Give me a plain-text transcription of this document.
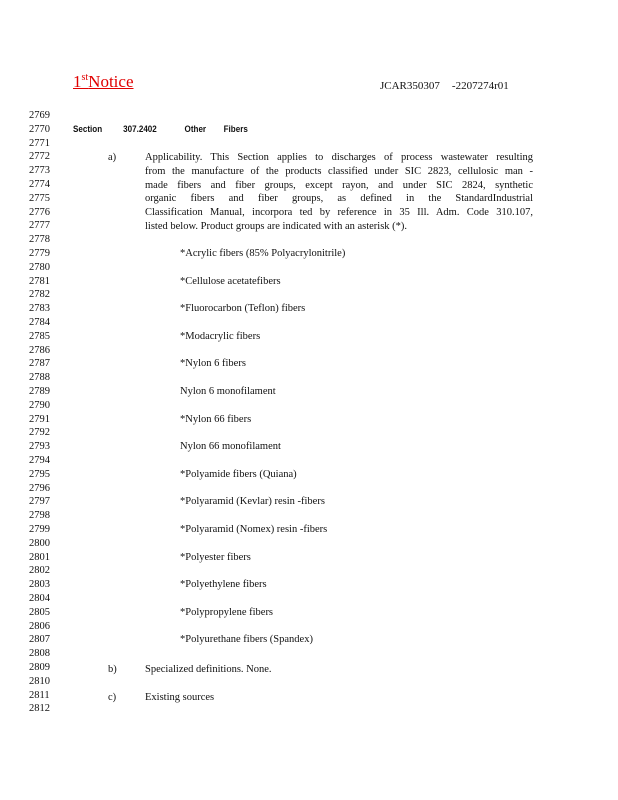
1stNotice	JCAR350307 -2207274r01
2769
2770
2771
2772
2773
2774
2775
2776
2777
2778
2779
2780
2781
2782
2783
2784
2785
2786
2787
2788
2789
2790
2791
2792
2793
2794
2795
2796
2797
2798
2799
2800
2801
2802
2803
2804
2805
2806
2807
2808
2809
2810
2811
2812
Section 307.2402	Other Fibers
a)	Applicability. This Section applies to discharges of process wastewater resulting
from the manufacture of the products classified under SIC 2823, cellulosic man -
made fibers and fiber groups, except rayon, and under SIC 2824, synthetic
organic fibers and fiber groups, as defined in the StandardIndustrial
Classification Manual, incorpora ted by reference in 35 Ill. Adm. Code 310.107,
listed below. Product groups are indicated with an asterisk (*).
*Acrylic fibers (85% Polyacrylonitrile)
*Cellulose acetatefibers
*Fluorocarbon (Teflon) fibers
*Modacrylic fibers
*Nylon 6 fibers
Nylon 6 monofilament
*Nylon 66 fibers
Nylon 66 monofilament
*Polyamide fibers (Quiana)
*Polyaramid (Kevlar) resin -fibers
*Polyaramid (Nomex) resin -fibers
*Polyester fibers
*Polyethylene fibers
*Polypropylene fibers
*Polyurethane fibers (Spandex)
b)	Specialized definitions. None.
c)	Existing sources
